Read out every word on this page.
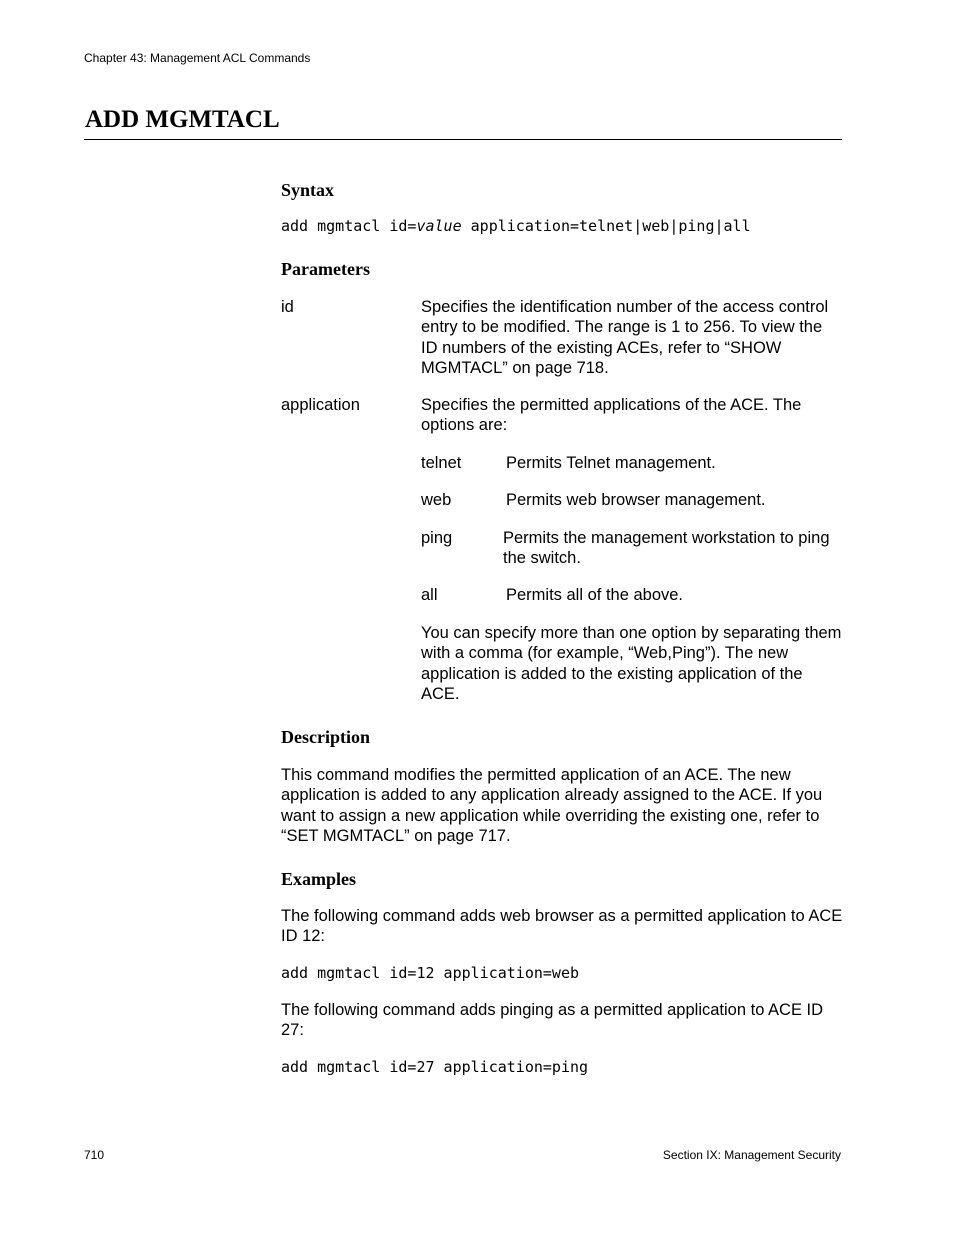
Chapter 43: Management ACL Commands
ADD MGMTACL
Syntax
add mgmtacl id=value application=telnet|web|ping|all
Parameters
id	Specifies the identification number of the access control entry to be modified. The range is 1 to 256. To view the ID numbers of the existing ACEs, refer to “SHOW MGMTACL” on page 718.
application	Specifies the permitted applications of the ACE. The options are:
telnet	Permits Telnet management.
web	Permits web browser management.
ping	Permits the management workstation to ping the switch.
all	Permits all of the above.
You can specify more than one option by separating them with a comma (for example, “Web,Ping”). The new application is added to the existing application of the ACE.
Description
This command modifies the permitted application of an ACE. The new application is added to any application already assigned to the ACE. If you want to assign a new application while overriding the existing one, refer to “SET MGMTACL” on page 717.
Examples
The following command adds web browser as a permitted application to ACE ID 12:
add mgmtacl id=12 application=web
The following command adds pinging as a permitted application to ACE ID 27:
add mgmtacl id=27 application=ping
710	Section IX: Management Security
